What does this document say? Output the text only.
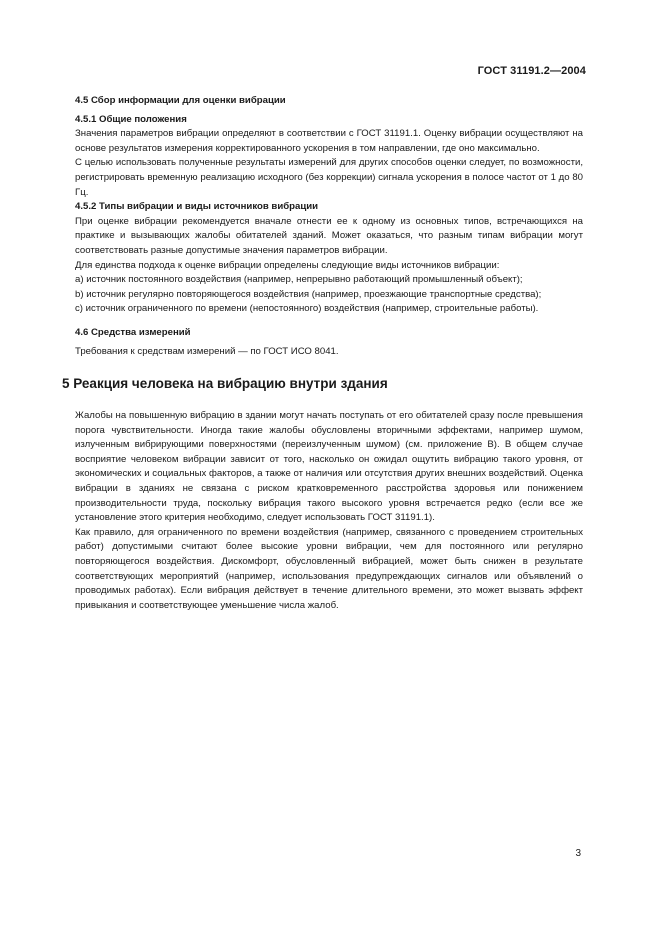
ГОСТ 31191.2—2004

4.5 Сбор информации для оценки вибрации

4.5.1 Общие положения

Значения параметров вибрации определяют в соответствии с ГОСТ 31191.1. Оценку вибрации осуществляют на основе результатов измерения корректированного ускорения в том направлении, где оно максимально.

С целью использовать полученные результаты измерений для других способов оценки следует, по возможности, регистрировать временную реализацию исходного (без коррекции) сигнала ускорения в полосе частот от 1 до 80 Гц.

4.5.2 Типы вибрации и виды источников вибрации

При оценке вибрации рекомендуется вначале отнести ее к одному из основных типов, встречающихся на практике и вызывающих жалобы обитателей зданий. Может оказаться, что разным типам вибрации могут соответствовать разные допустимые значения параметров вибрации.

Для единства подхода к оценке вибрации определены следующие виды источников вибрации:

a) источник постоянного воздействия (например, непрерывно работающий промышленный объект);

b) источник регулярно повторяющегося воздействия (например, проезжающие транспортные средства);

c) источник ограниченного по времени (непостоянного) воздействия (например, строительные работы).

4.6 Средства измерений

Требования к средствам измерений — по ГОСТ ИСО 8041.

5 Реакция человека на вибрацию внутри здания

Жалобы на повышенную вибрацию в здании могут начать поступать от его обитателей сразу после превышения порога чувствительности. Иногда такие жалобы обусловлены вторичными эффектами, например шумом, излученным вибрирующими поверхностями (переизлученным шумом) (см. приложение В). В общем случае восприятие человеком вибрации зависит от того, насколько он ожидал ощутить вибрацию такого уровня, от экономических и социальных факторов, а также от наличия или отсутствия других внешних воздействий. Оценка вибрации в зданиях не связана с риском кратковременного расстройства здоровья или понижением производительности труда, поскольку вибрация такого высокого уровня встречается редко (если все же установление этого критерия необходимо, следует использовать ГОСТ 31191.1).

Как правило, для ограниченного по времени воздействия (например, связанного с проведением строительных работ) допустимыми считают более высокие уровни вибрации, чем для постоянного или регулярно повторяющегося воздействия. Дискомфорт, обусловленный вибрацией, может быть снижен в результате соответствующих мероприятий (например, использования предупреждающих сигналов или объявлений о проводимых работах). Если вибрация действует в течение длительного времени, это может вызвать эффект привыкания и соответствующее уменьшение числа жалоб.

3
